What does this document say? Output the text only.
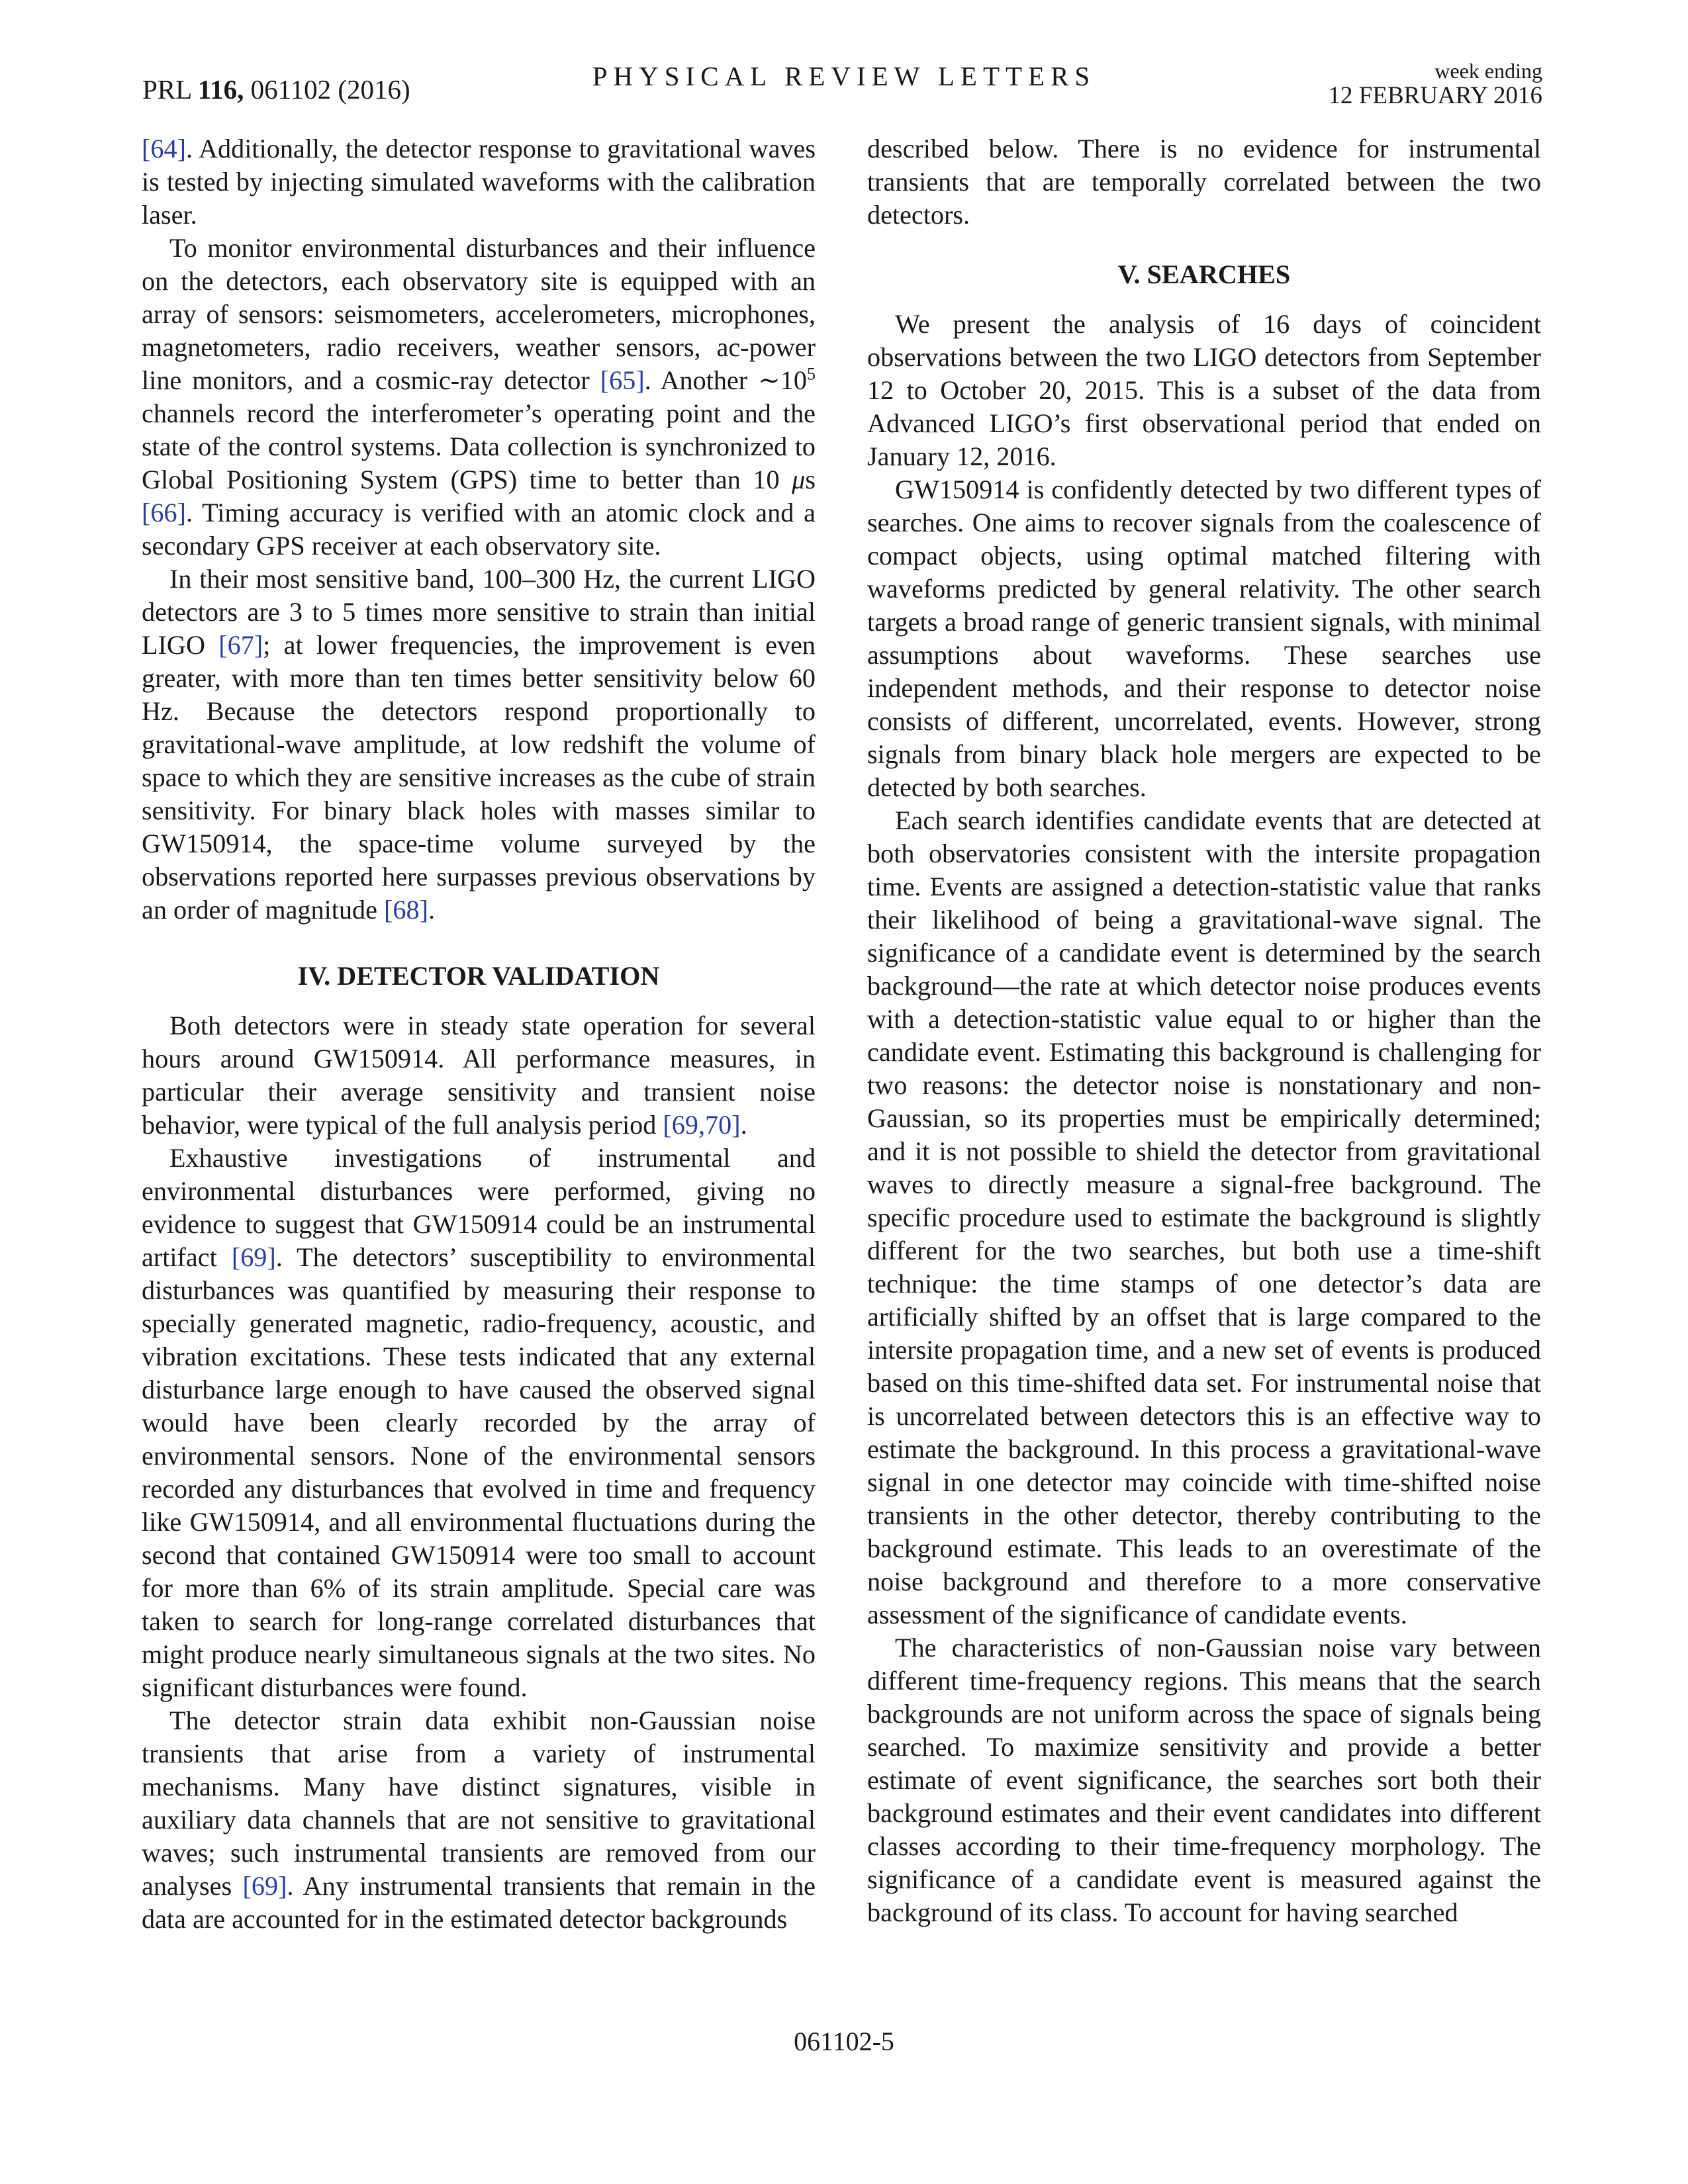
PRL 116, 061102 (2016)	PHYSICAL REVIEW LETTERS	week ending
12 FEBRUARY 2016

[64]. Additionally, the detector response to gravitational waves is tested by injecting simulated waveforms with the calibration laser.

To monitor environmental disturbances and their influence on the detectors, each observatory site is equipped with an array of sensors: seismometers, accelerometers, microphones, magnetometers, radio receivers, weather sensors, ac-power line monitors, and a cosmic-ray detector [65]. Another $\sim 10^5$ channels record the interferometer’s operating point and the state of the control systems. Data collection is synchronized to Global Positioning System (GPS) time to better than 10 μs [66]. Timing accuracy is verified with an atomic clock and a secondary GPS receiver at each observatory site.

In their most sensitive band, 100–300 Hz, the current LIGO detectors are 3 to 5 times more sensitive to strain than initial LIGO [67]; at lower frequencies, the improvement is even greater, with more than ten times better sensitivity below 60 Hz. Because the detectors respond proportionally to gravitational-wave amplitude, at low redshift the volume of space to which they are sensitive increases as the cube of strain sensitivity. For binary black holes with masses similar to GW150914, the space-time volume surveyed by the observations reported here surpasses previous observations by an order of magnitude [68].

IV. DETECTOR VALIDATION

Both detectors were in steady state operation for several hours around GW150914. All performance measures, in particular their average sensitivity and transient noise behavior, were typical of the full analysis period [69,70].

Exhaustive investigations of instrumental and environmental disturbances were performed, giving no evidence to suggest that GW150914 could be an instrumental artifact [69]. The detectors’ susceptibility to environmental disturbances was quantified by measuring their response to specially generated magnetic, radio-frequency, acoustic, and vibration excitations. These tests indicated that any external disturbance large enough to have caused the observed signal would have been clearly recorded by the array of environmental sensors. None of the environmental sensors recorded any disturbances that evolved in time and frequency like GW150914, and all environmental fluctuations during the second that contained GW150914 were too small to account for more than 6% of its strain amplitude. Special care was taken to search for long-range correlated disturbances that might produce nearly simultaneous signals at the two sites. No significant disturbances were found.

The detector strain data exhibit non-Gaussian noise transients that arise from a variety of instrumental mechanisms. Many have distinct signatures, visible in auxiliary data channels that are not sensitive to gravitational waves; such instrumental transients are removed from our analyses [69]. Any instrumental transients that remain in the data are accounted for in the estimated detector backgrounds

described below. There is no evidence for instrumental transients that are temporally correlated between the two detectors.

V. SEARCHES

We present the analysis of 16 days of coincident observations between the two LIGO detectors from September 12 to October 20, 2015. This is a subset of the data from Advanced LIGO’s first observational period that ended on January 12, 2016.

GW150914 is confidently detected by two different types of searches. One aims to recover signals from the coalescence of compact objects, using optimal matched filtering with waveforms predicted by general relativity. The other search targets a broad range of generic transient signals, with minimal assumptions about waveforms. These searches use independent methods, and their response to detector noise consists of different, uncorrelated, events. However, strong signals from binary black hole mergers are expected to be detected by both searches.

Each search identifies candidate events that are detected at both observatories consistent with the intersite propagation time. Events are assigned a detection-statistic value that ranks their likelihood of being a gravitational-wave signal. The significance of a candidate event is determined by the search background—the rate at which detector noise produces events with a detection-statistic value equal to or higher than the candidate event. Estimating this background is challenging for two reasons: the detector noise is nonstationary and non-Gaussian, so its properties must be empirically determined; and it is not possible to shield the detector from gravitational waves to directly measure a signal-free background. The specific procedure used to estimate the background is slightly different for the two searches, but both use a time-shift technique: the time stamps of one detector’s data are artificially shifted by an offset that is large compared to the intersite propagation time, and a new set of events is produced based on this time-shifted data set. For instrumental noise that is uncorrelated between detectors this is an effective way to estimate the background. In this process a gravitational-wave signal in one detector may coincide with time-shifted noise transients in the other detector, thereby contributing to the background estimate. This leads to an overestimate of the noise background and therefore to a more conservative assessment of the significance of candidate events.

The characteristics of non-Gaussian noise vary between different time-frequency regions. This means that the search backgrounds are not uniform across the space of signals being searched. To maximize sensitivity and provide a better estimate of event significance, the searches sort both their background estimates and their event candidates into different classes according to their time-frequency morphology. The significance of a candidate event is measured against the background of its class. To account for having searched

061102-5
